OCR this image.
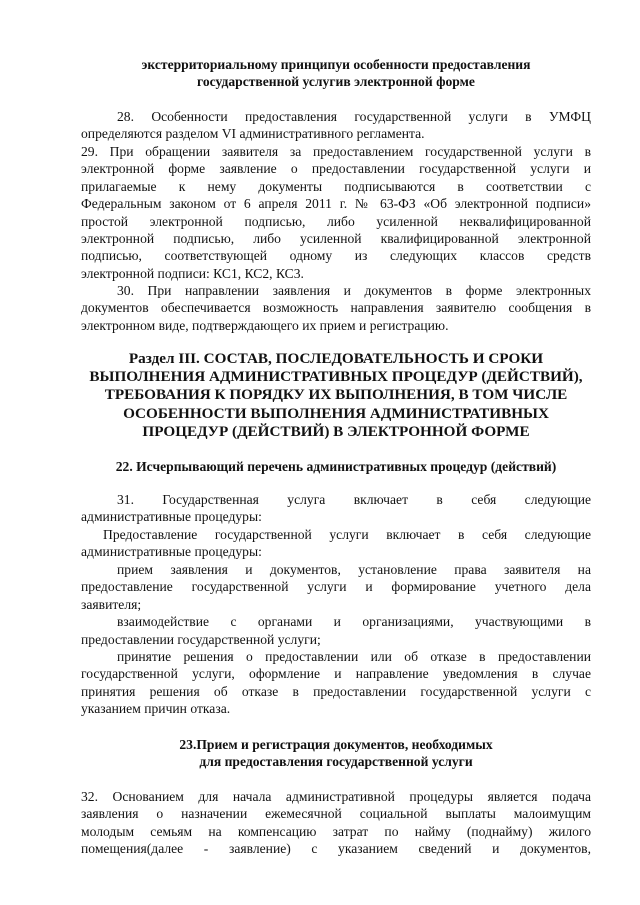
экстерриториальному принципуи особенности предоставления
государственной услугив электронной форме
28. Особенности предоставления государственной услуги в УМФЦ
определяются разделом VI административного регламента.
29. При обращении заявителя за предоставлением государственной услуги в
электронной форме заявление о предоставлении государственной услуги и
прилагаемые к нему документы подписываются в соответствии с
Федеральным законом от 6 апреля 2011 г. № 63-ФЗ «Об электронной подписи»
простой электронной подписью, либо усиленной неквалифицированной
электронной подписью, либо усиленной квалифицированной электронной
подписью, соответствующей одному из следующих классов средств
электронной подписи: КС1, КС2, КС3.
30. При направлении заявления и документов в форме электронных
документов обеспечивается возможность направления заявителю сообщения в
электронном виде, подтверждающего их прием и регистрацию.
Раздел III. СОСТАВ, ПОСЛЕДОВАТЕЛЬНОСТЬ И СРОКИ
ВЫПОЛНЕНИЯ АДМИНИСТРАТИВНЫХ ПРОЦЕДУР (ДЕЙСТВИЙ),
ТРЕБОВАНИЯ К ПОРЯДКУ ИХ ВЫПОЛНЕНИЯ, В ТОМ ЧИСЛЕ
ОСОБЕННОСТИ ВЫПОЛНЕНИЯ АДМИНИСТРАТИВНЫХ
ПРОЦЕДУР (ДЕЙСТВИЙ) В ЭЛЕКТРОННОЙ ФОРМЕ
22. Исчерпывающий перечень административных процедур (действий)
31. Государственная услуга включает в себя следующие
административные процедуры:
Предоставление государственной услуги включает в себя следующие
административные процедуры:
прием заявления и документов, установление права заявителя на
предоставление государственной услуги и формирование учетного дела
заявителя;
взаимодействие с органами и организациями, участвующими в
предоставлении государственной услуги;
принятие решения о предоставлении или об отказе в предоставлении
государственной услуги, оформление и направление уведомления в случае
принятия решения об отказе в предоставлении государственной услуги с
указанием причин отказа.
23.Прием и регистрация документов, необходимых
для предоставления государственной услуги
32. Основанием для начала административной процедуры является подача
заявления о назначении ежемесячной социальной выплаты малоимущим
молодым семьям на компенсацию затрат по найму (поднайму) жилого
помещения(далее - заявление) с указанием сведений и документов,
